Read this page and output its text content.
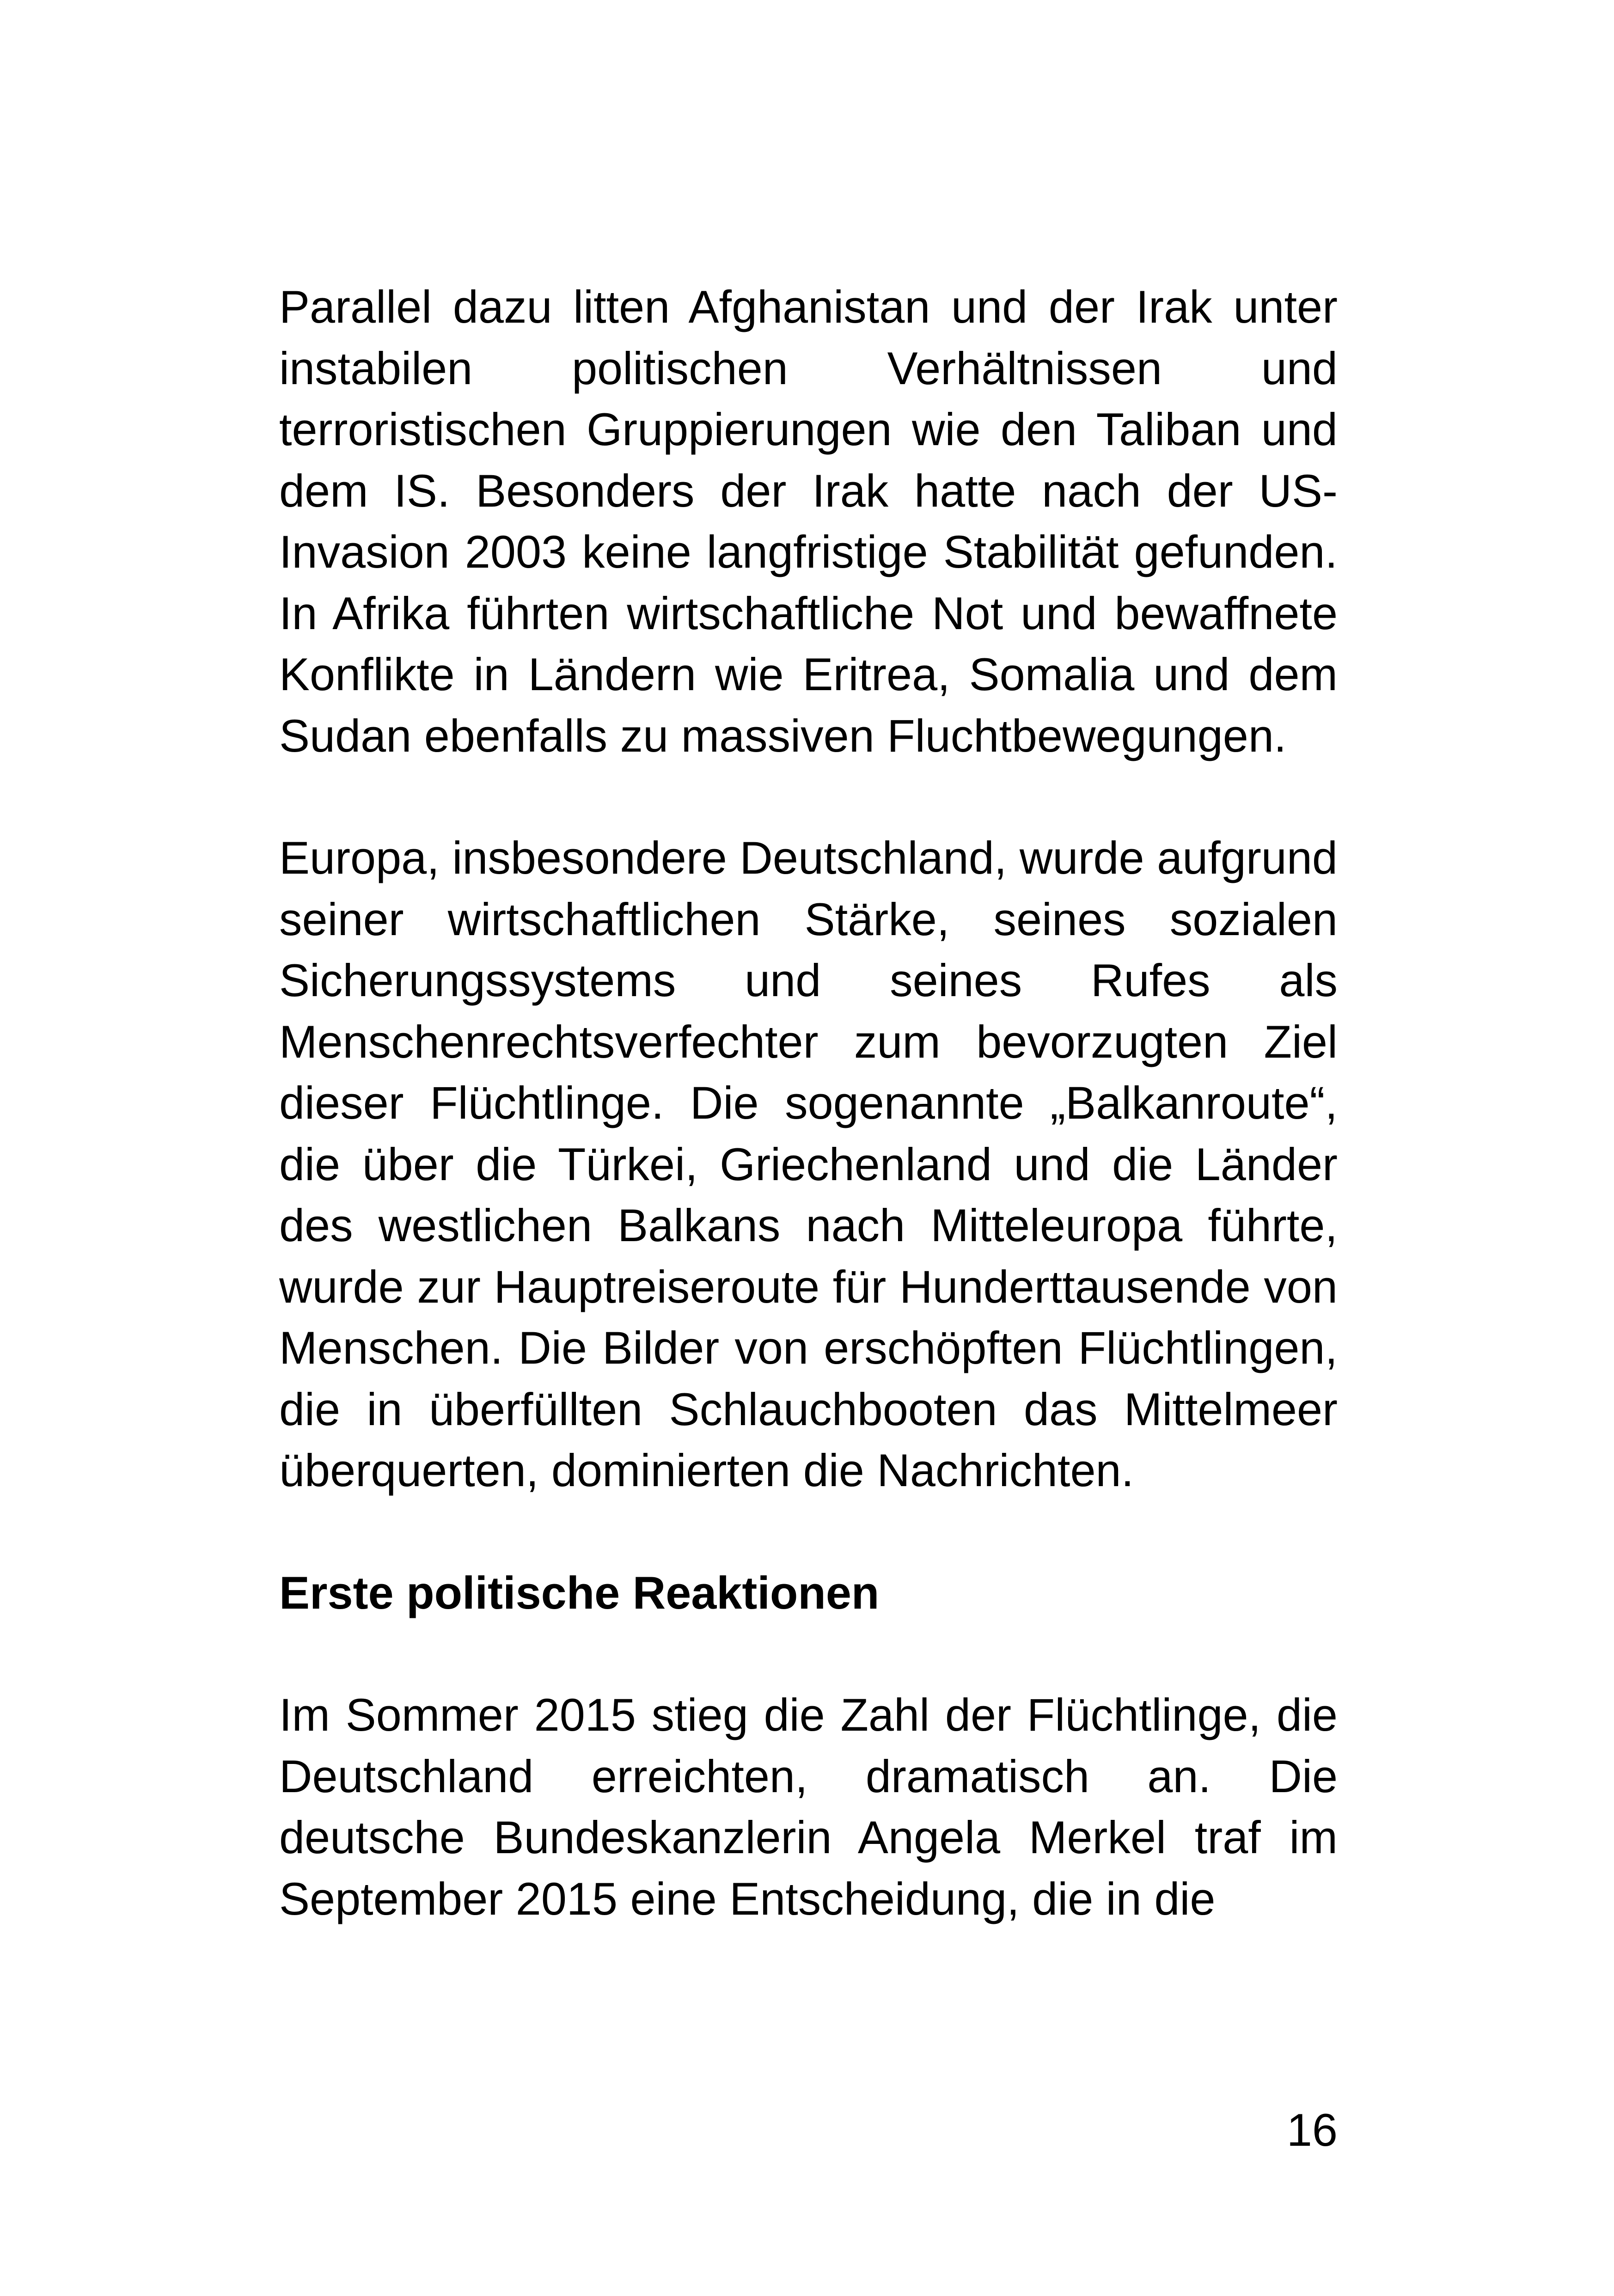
Parallel dazu litten Afghanistan und der Irak unter instabilen politischen Verhältnissen und terroristischen Gruppierungen wie den Taliban und dem IS. Besonders der Irak hatte nach der US-Invasion 2003 keine langfristige Stabilität gefunden. In Afrika führten wirtschaftliche Not und bewaffnete Konflikte in Ländern wie Eritrea, Somalia und dem Sudan ebenfalls zu massiven Fluchtbewegungen.

Europa, insbesondere Deutschland, wurde aufgrund seiner wirtschaftlichen Stärke, seines sozialen Sicherungssystems und seines Rufes als Menschenrechtsverfechter zum bevorzugten Ziel dieser Flüchtlinge. Die sogenannte „Balkanroute“, die über die Türkei, Griechenland und die Länder des westlichen Balkans nach Mitteleuropa führte, wurde zur Hauptreiseroute für Hunderttausende von Menschen. Die Bilder von erschöpften Flüchtlingen, die in überfüllten Schlauchbooten das Mittelmeer überquerten, dominierten die Nachrichten.

Erste politische Reaktionen

Im Sommer 2015 stieg die Zahl der Flüchtlinge, die Deutschland erreichten, dramatisch an. Die deutsche Bundeskanzlerin Angela Merkel traf im September 2015 eine Entscheidung, die in die

16
